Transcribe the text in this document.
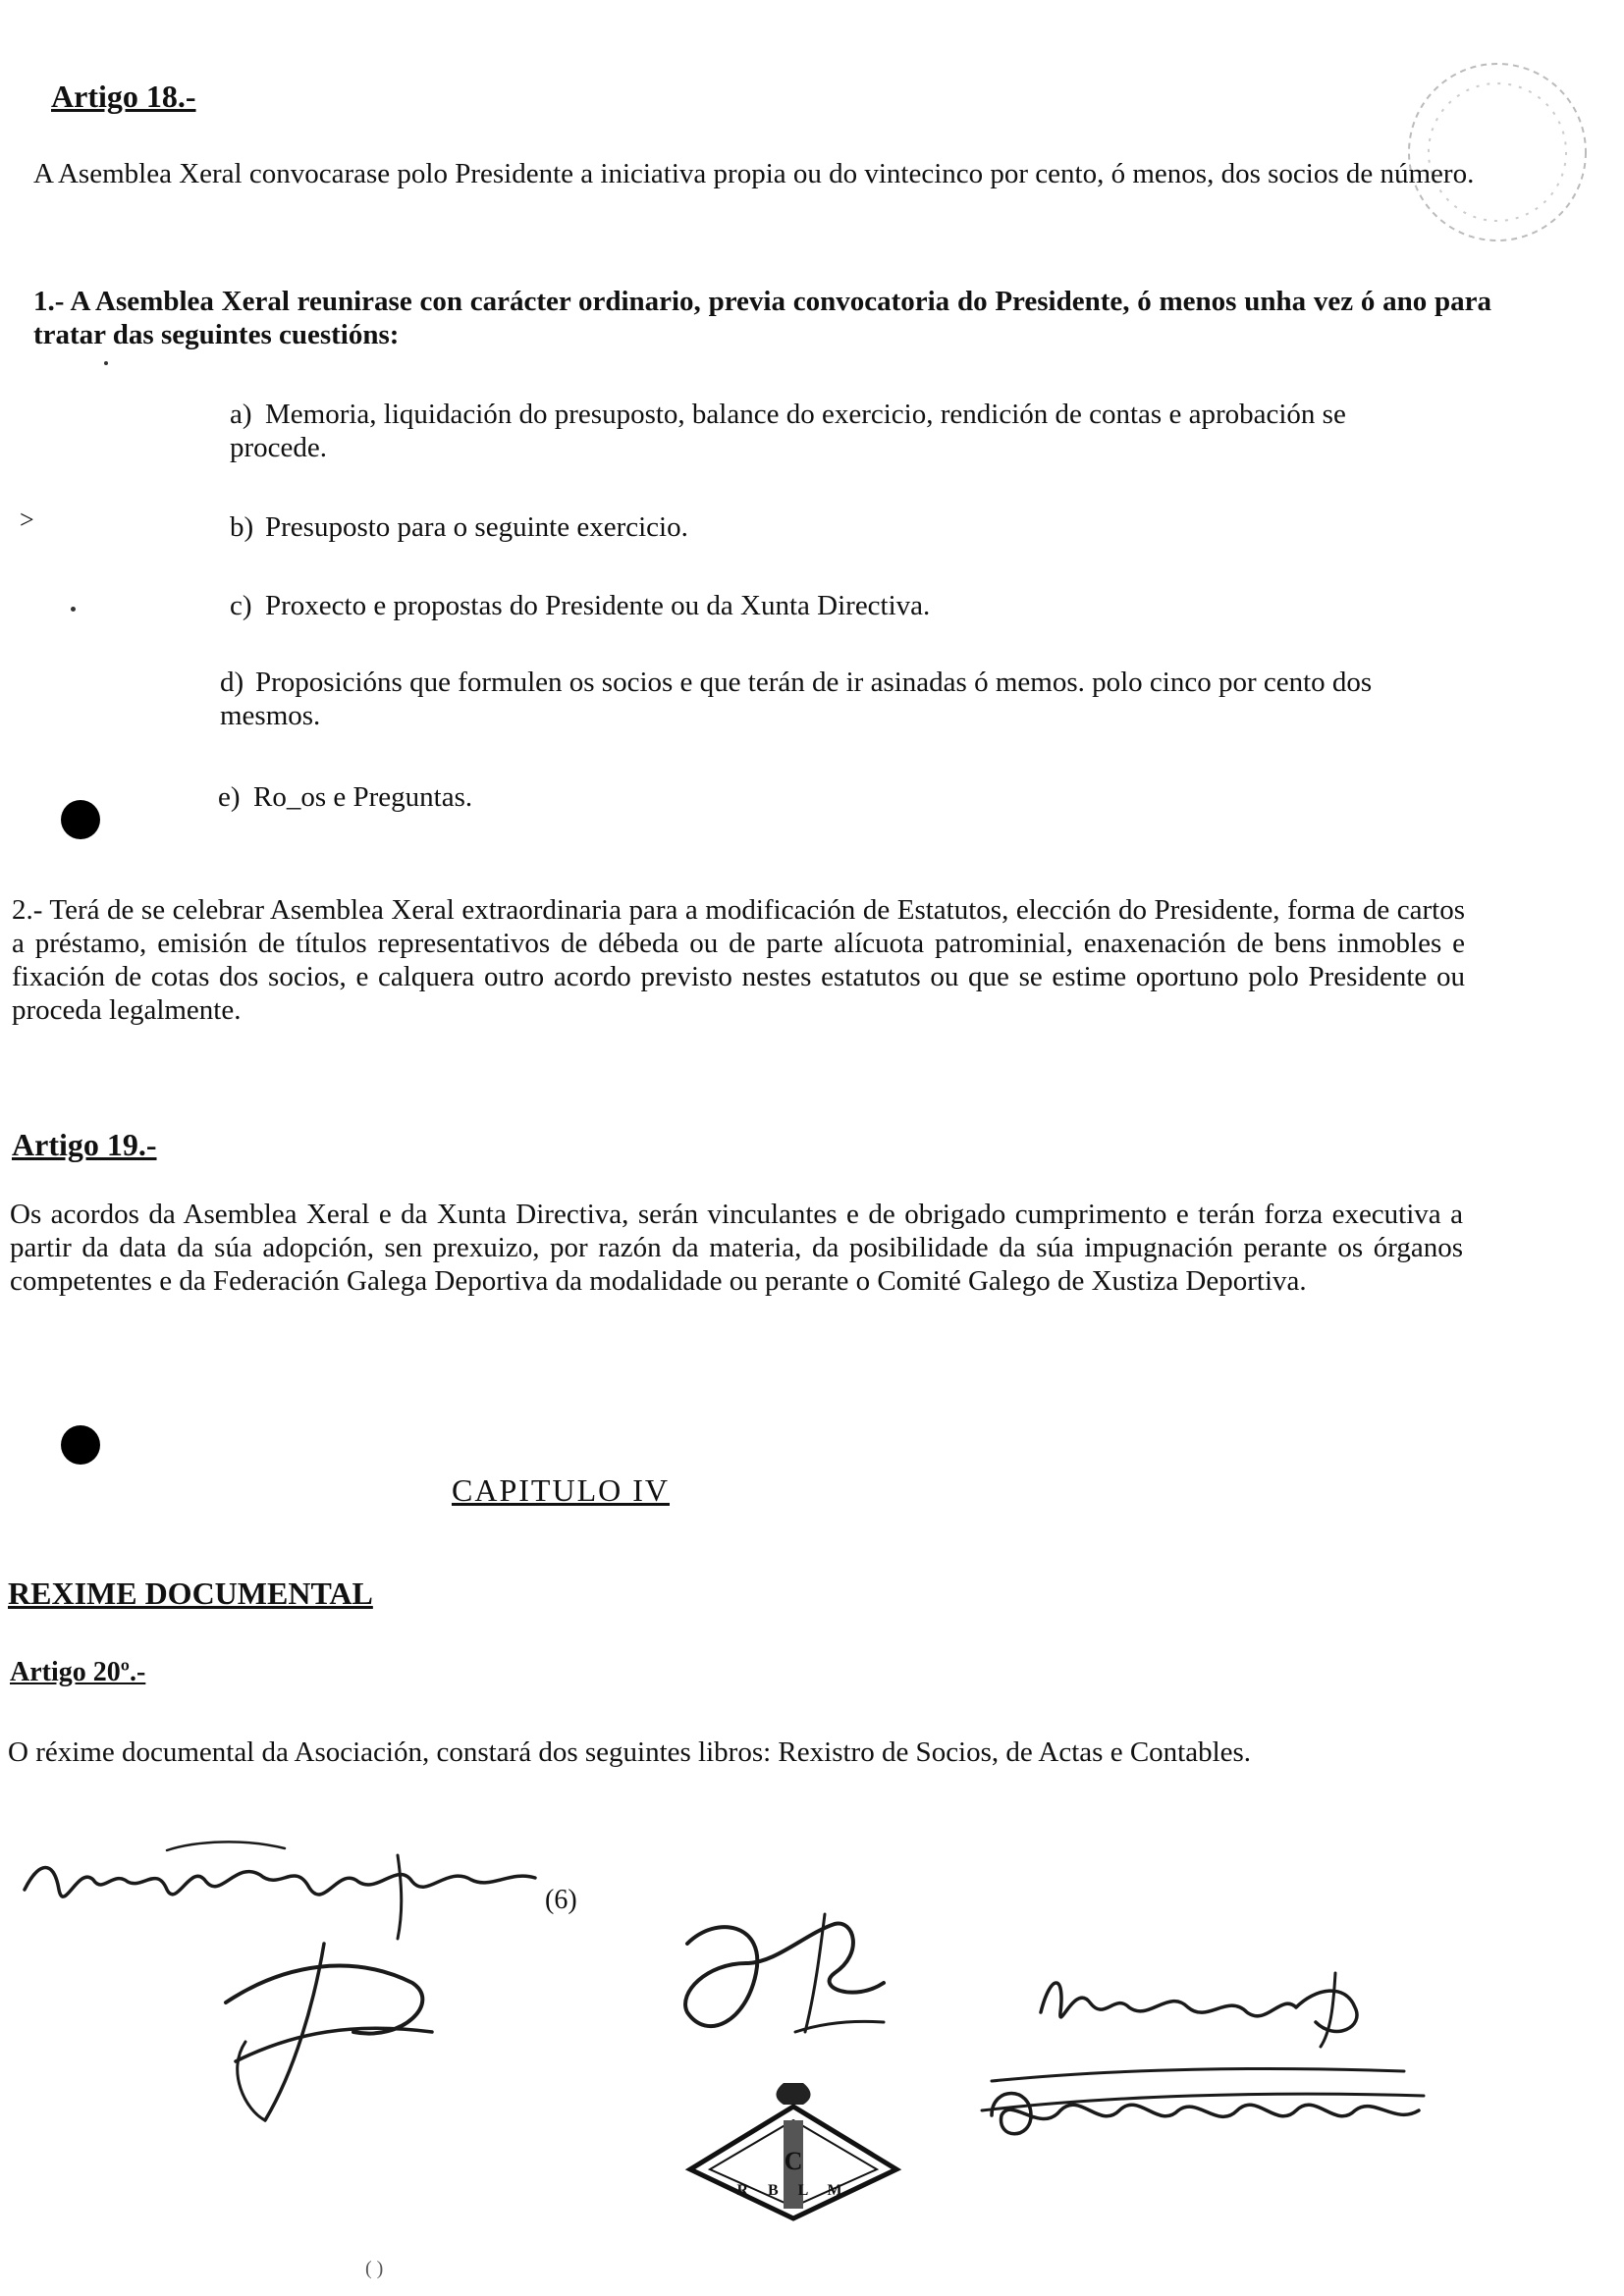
Artigo 18.-
A Asemblea Xeral convocarase polo Presidente a iniciativa propia ou do vintecinco por cento, ó menos, dos socios de número.
1.- A Asemblea Xeral reunirase con carácter ordinario, previa convocatoria do Presidente, ó menos unha vez ó ano para tratar das seguintes cuestións:
a) Memoria, liquidación do presuposto, balance do exercicio, rendición de contas e aprobación se procede.
b) Presuposto para o seguinte exercicio.
c) Proxecto e propostas do Presidente ou da Xunta Directiva.
d) Proposicións que formulen os socios e que terán de ir asinadas ó memos. polo cinco por cento dos mesmos.
e) Ro_os e Preguntas.
2.- Terá de se celebrar Asemblea Xeral extraordinaria para a modificación de Estatutos, elección do Presidente, forma de cartos a préstamo, emisión de títulos representativos de débeda ou de parte alícuota patrominial, enaxenación de bens inmobles e fixación de cotas dos socios, e calquera outro acordo previsto nestes estatutos ou que se estime oportuno polo Presidente ou proceda legalmente.
Artigo 19.-
Os acordos da Asemblea Xeral e da Xunta Directiva, serán vinculantes e de obrigado cumprimento e terán forza executiva a partir da data da súa adopción, sen prexuizo, por razón da materia, da posibilidade da súa impugnación perante os órganos competentes e da Federación Galega Deportiva da modalidade ou perante o Comité Galego de Xustiza Deportiva.
CAPITULO IV
REXIME DOCUMENTAL
Artigo 20º.-
O réxime documental da Asociación, constará dos seguintes libros: Rexistro de Socios, de Actas e Contables.
>
(6)
C
R B L M
( )
